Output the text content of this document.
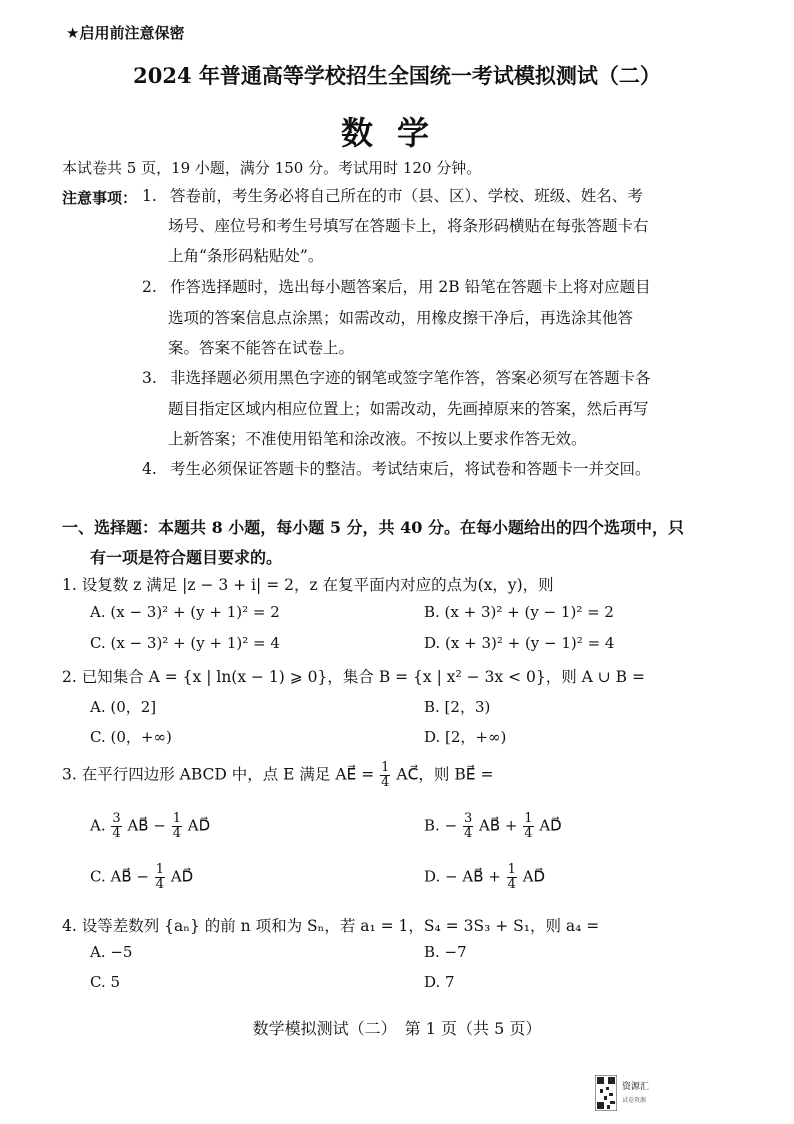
★启用前注意保密
2024 年普通高等学校招生全国统一考试模拟测试（二）
数学
本试卷共 5 页，19 小题，满分 150 分。考试用时 120 分钟。
注意事项： 1. 答卷前，考生务必将自己所在的市（县、区）、学校、班级、姓名、考
场号、座位号和考生号填写在答题卡上，将条形码横贴在每张答题卡右
上角“条形码粘贴处”。
2. 作答选择题时，选出每小题答案后，用 2B 铅笔在答题卡上将对应题目
选项的答案信息点涂黑；如需改动，用橡皮擦干净后，再选涂其他答
案。答案不能答在试卷上。
3. 非选择题必须用黑色字迹的钢笔或签字笔作答，答案必须写在答题卡各
题目指定区域内相应位置上；如需改动，先画掉原来的答案，然后再写
上新答案；不准使用铅笔和涂改液。不按以上要求作答无效。
4. 考生必须保证答题卡的整洁。考试结束后，将试卷和答题卡一并交回。
一、选择题：本题共 8 小题，每小题 5 分，共 40 分。在每小题给出的四个选项中，只
有一项是符合题目要求的。
1. 设复数 z 满足 |z − 3 + i| = 2，z 在复平面内对应的点为(x，y)，则
A. (x − 3)² + (y + 1)² = 2	B. (x + 3)² + (y − 1)² = 2
C. (x − 3)² + (y + 1)² = 4	D. (x + 3)² + (y − 1)² = 4
2. 已知集合 A = {x | ln(x − 1) ⩾ 0}，集合 B = {x | x² − 3x < 0}，则 A ∪ B =
A. (0，2]	B. [2，3)
C. (0，+∞)	D. [2，+∞)
3. 在平行四边形 ABCD 中，点 E 满足 AE⃗ = $\frac{1}{4}$ AC⃗，则 BE⃗ =
A. $\frac{3}{4}$ AB⃗ − $\frac{1}{4}$ AD⃗	B. − $\frac{3}{4}$ AB⃗ + $\frac{1}{4}$ AD⃗
C. AB⃗ − $\frac{1}{4}$ AD⃗	D. − AB⃗ + $\frac{1}{4}$ AD⃗
4. 设等差数列 {aₙ} 的前 n 项和为 Sₙ，若 a₁ = 1，S₄ = 3S₃ + S₁，则 a₄ =
A. −5	B. −7
C. 5	D. 7
数学模拟测试（二）　第 1 页（共 5 页）
资源汇
试卷资源
